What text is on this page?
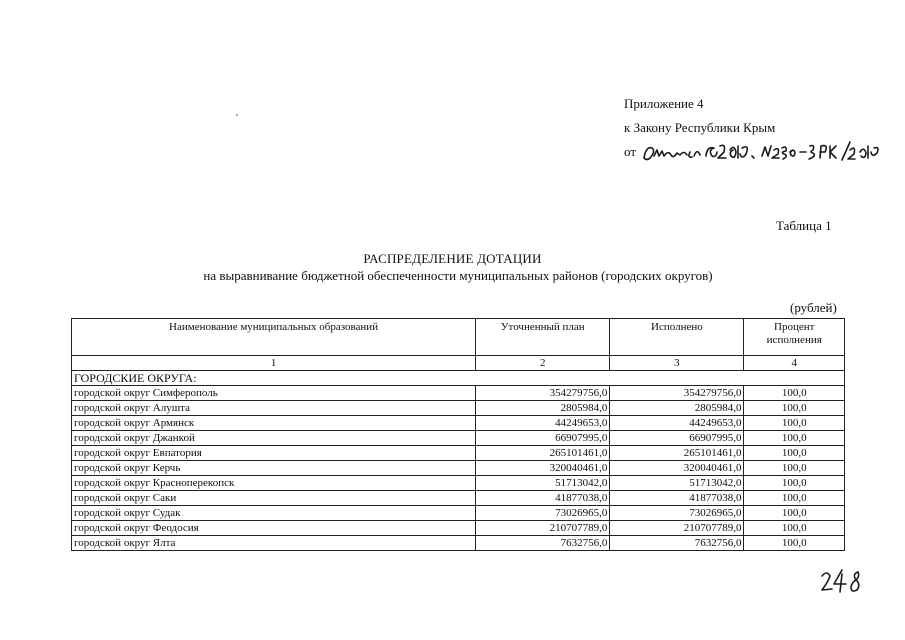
Приложение 4
к Закону Республики Крым
от
Таблица 1
РАСПРЕДЕЛЕНИЕ ДОТАЦИИ
на выравнивание бюджетной обеспеченности муниципальных районов (городских округов)
(рублей)
Наименование муниципальных образований	Уточненный план	Исполнено	Процент исполнения
1	2	3	4
ГОРОДСКИЕ ОКРУГА:			
городской округ Симферополь	354279756,0	354279756,0	100,0
городской округ Алушта	2805984,0	2805984,0	100,0
городской округ Армянск	44249653,0	44249653,0	100,0
городской округ Джанкой	66907995,0	66907995,0	100,0
городской округ Евпатория	265101461,0	265101461,0	100,0
городской округ Керчь	320040461,0	320040461,0	100,0
городской округ Красноперекопск	51713042,0	51713042,0	100,0
городской округ Саки	41877038,0	41877038,0	100,0
городской округ Судак	73026965,0	73026965,0	100,0
городской округ Феодосия	210707789,0	210707789,0	100,0
городской округ Ялта	7632756,0	7632756,0	100,0
